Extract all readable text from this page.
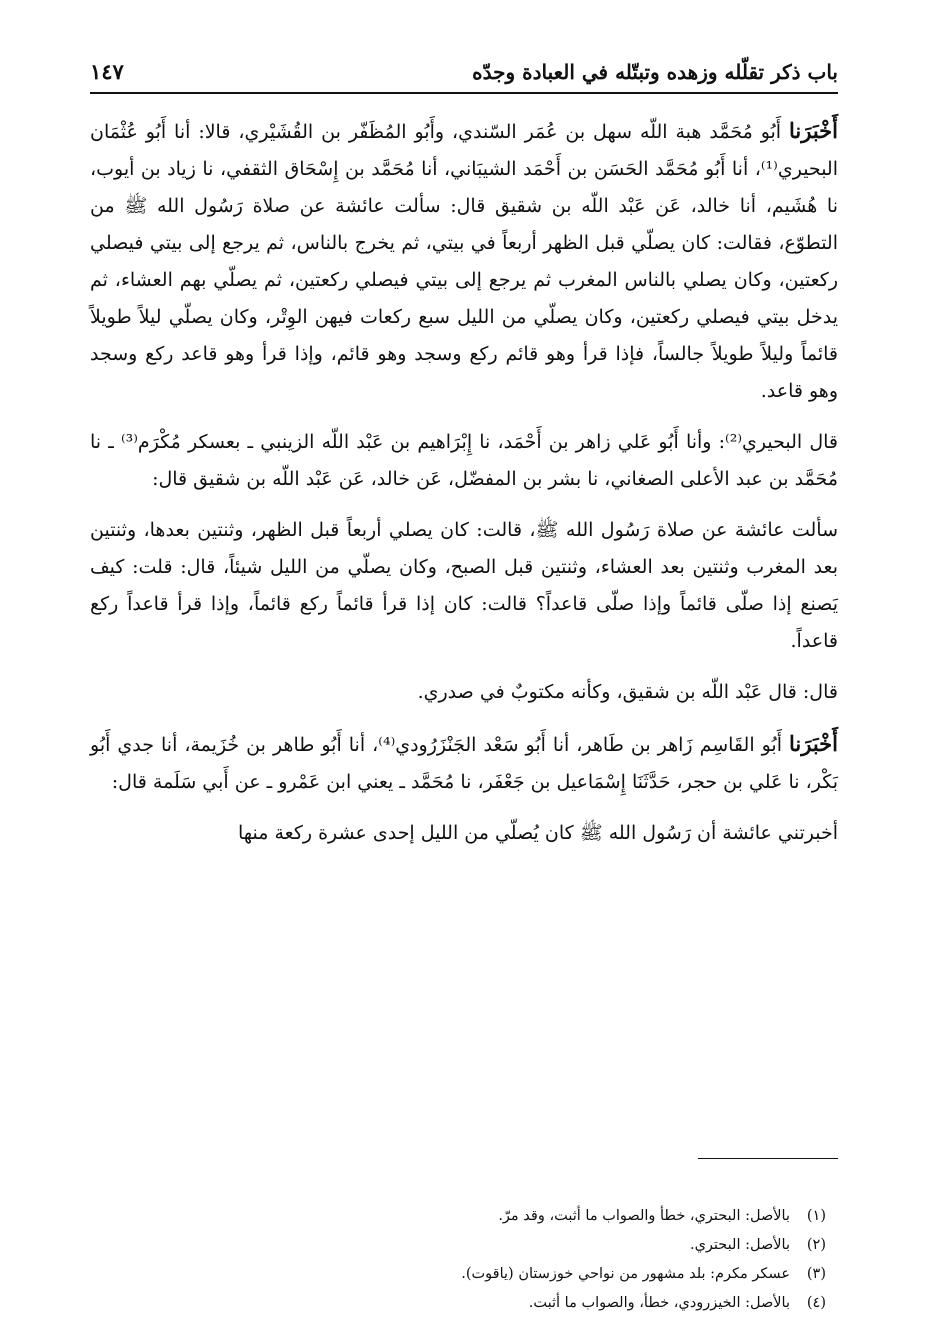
باب ذكر تقلّله وزهده وتبتّله في العبادة وجدّه
١٤٧

أَخْبَرَنا أَبُو مُحَمَّد هبة اللّه سهل بن عُمَر السّندي، وأَبُو المُظَفّر بن القُشَيْري، قالا: أنا أَبُو عُثْمَان البحيري⁽¹⁾، أنا أَبُو مُحَمَّد الحَسَن بن أَحْمَد الشيبَاني، أنا مُحَمَّد بن إِسْحَاق الثقفي، نا زياد بن أيوب، نا هُشَيم، أنا خالد، عَن عَبْد اللّه بن شقيق قال: سألت عائشة عن صلاة رَسُول الله ﷺ من التطوّع، فقالت: كان يصلّي قبل الظهر أربعاً في بيتي، ثم يخرج بالناس، ثم يرجع إلى بيتي فيصلي ركعتين، وكان يصلي بالناس المغرب ثم يرجع إلى بيتي فيصلي ركعتين، ثم يصلّي بهم العشاء، ثم يدخل بيتي فيصلي ركعتين، وكان يصلّي من الليل سبع ركعات فيهن الوِتْر، وكان يصلّي ليلاً طويلاً قائماً وليلاً طويلاً جالساً، فإذا قرأ وهو قائم ركع وسجد وهو قائم، وإذا قرأ وهو قاعد ركع وسجد وهو قاعد.

قال البحيري⁽²⁾: وأنا أَبُو عَلي زاهر بن أَحْمَد، نا إِبْرَاهيم بن عَبْد اللّه الزينبي ـ بعسكر مُكْرَم⁽³⁾ ـ نا مُحَمَّد بن عبد الأعلى الصغاني، نا بشر بن المفضّل، عَن خالد، عَن عَبْد اللّه بن شقيق قال:

سألت عائشة عن صلاة رَسُول الله ﷺ، قالت: كان يصلي أربعاً قبل الظهر، وثنتين بعدها، وثنتين بعد المغرب وثنتين بعد العشاء، وثنتين قبل الصبح، وكان يصلّي من الليل شيئاً، قال: قلت: كيف يَصنع إذا صلّى قائماً وإذا صلّى قاعداً؟ قالت: كان إذا قرأ قائماً ركع قائماً، وإذا قرأ قاعداً ركع قاعداً.

قال: قال عَبْد اللّه بن شقيق، وكأنه مكتوبٌ في صدري.

أَخْبَرَنا أَبُو القَاسِم زَاهر بن طَاهر، أنا أَبُو سَعْد الجَنْزَرُودي⁽⁴⁾، أنا أَبُو طاهر بن خُزَيمة، أنا جدي أَبُو بَكْر، نا عَلي بن حجر، حَدَّثَنَا إِسْمَاعيل بن جَعْفَر، نا مُحَمَّد ـ يعني ابن عَمْرو ـ عن أَبي سَلَمة قال:

أخبرتني عائشة أن رَسُول الله ﷺ كان يُصلّي من الليل إحدى عشرة ركعة منها

(١)
بالأصل: البحتري، خطأ والصواب ما أثبت، وقد مرّ.
(٢)
بالأصل: البحتري.
(٣)
عسكر مكرم: بلد مشهور من نواحي خوزستان (ياقوت).
(٤)
بالأصل: الخيزرودي، خطأ، والصواب ما أثبت.
